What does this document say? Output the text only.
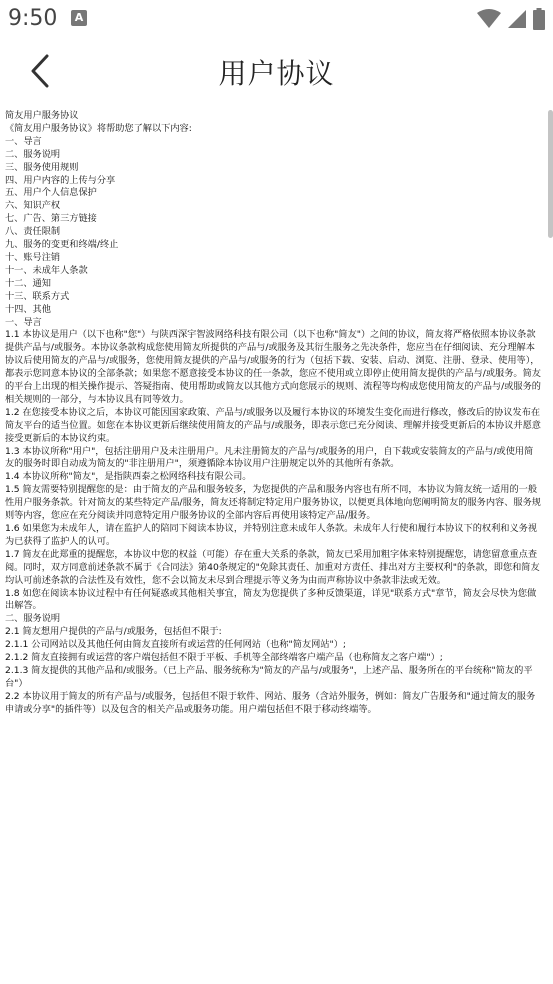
9:50	A
用户协议

简友用户服务协议

《简友用户服务协议》将帮助您了解以下内容:

一、导言

二、服务说明

三、服务使用规则

四、用户内容的上传与分享

五、用户个人信息保护

六、知识产权

七、广告、第三方链接

八、责任限制

九、服务的变更和终端/终止

十、账号注销

十一、未成年人条款

十二、通知

十三、联系方式

十四、其他

一、导言

1.1 本协议是用户（以下也称"您"）与陕西深宇智波网络科技有限公司（以下也称"简友"）之间的协议，简友将严格依照本协议条款提供产品与/或服务。本协议条款构成您使用简友所提供的产品与/或服务及其衍生服务之先决条件，您应当在仔细阅读、充分理解本协议后使用简友的产品与/或服务，您使用简友提供的产品与/或服务的行为（包括下载、安装、启动、浏览、注册、登录、使用等），都表示您同意本协议的全部条款；如果您不愿意接受本协议的任一条款，您应不使用或立即停止使用简友提供的产品与/或服务。简友的平台上出现的相关操作提示、答疑指南、使用帮助或简友以其他方式向您展示的规则、流程等均构成您使用简友的产品与/或服务的相关规则的一部分，与本协议具有同等效力。

1.2 在您接受本协议之后，本协议可能因国家政策、产品与/或服务以及履行本协议的环境发生变化而进行修改，修改后的协议发布在简友平台的适当位置。如您在本协议更新后继续使用简友的产品与/或服务，即表示您已充分阅读、理解并接受更新后的本协议并愿意接受更新后的本协议约束。

1.3 本协议所称"用户"，包括注册用户及未注册用户。凡未注册简友的产品与/或服务的用户，自下载或安装简友的产品与/或使用简友的服务时即自动成为简友的"非注册用户"，须遵循除本协议用户注册规定以外的其他所有条款。

1.4 本协议所称"简友"，是指陕西泰之松网络科技有限公司。

1.5 简友需要特别提醒您的是：由于简友的产品和服务较多，为您提供的产品和服务内容也有所不同，本协议为简友统一适用的一般性用户服务条款。针对简友的某些特定产品/服务，简友还将制定特定用户服务协议，以便更具体地向您阐明简友的服务内容、服务规则等内容，您应在充分阅读并同意特定用户服务协议的全部内容后再使用该特定产品/服务。

1.6 如果您为未成年人，请在监护人的陪同下阅读本协议，并特别注意未成年人条款。未成年人行使和履行本协议下的权利和义务视为已获得了监护人的认可。

1.7 简友在此郑重的提醒您，本协议中您的权益（可能）存在重大关系的条款，简友已采用加粗字体来特别提醒您，请您留意重点查阅。同时，双方同意前述条款不属于《合同法》第40条规定的"免除其责任、加重对方责任、排出对方主要权利"的条款，即您和简友均认可前述条款的合法性及有效性，您不会以简友未尽到合理提示等义务为由而声称协议中条款非法或无效。

1.8 如您在阅读本协议过程中有任何疑惑或其他相关事宜，简友为您提供了多种反馈渠道，详见"联系方式"章节，简友会尽快为您做出解答。

二、服务说明

2.1 简友想用户提供的产品与/或服务，包括但不限于:

2.1.1 公司网站以及其他任何由简友直接所有或运营的任何网站（也称"简友网站"）;

2.1.2 简友直接拥有或运营的客户端包括但不限于平板、手机等全部终端客户端产品（也称简友之客户端"）;

2.1.3 简友提供的其他产品和/或服务。（已上产品、服务统称为"简友的产品与/或服务"，上述产品、服务所在的平台统称"简友的平台"）

2.2 本协议用于简友的所有产品与/或服务，包括但不限于软件、网站、服务（含站外服务，例如：简友广告服务和"通过简友的服务申请或分享"的插件等）以及包含的相关产品或服务功能。用户端包括但不限于移动终端等。
